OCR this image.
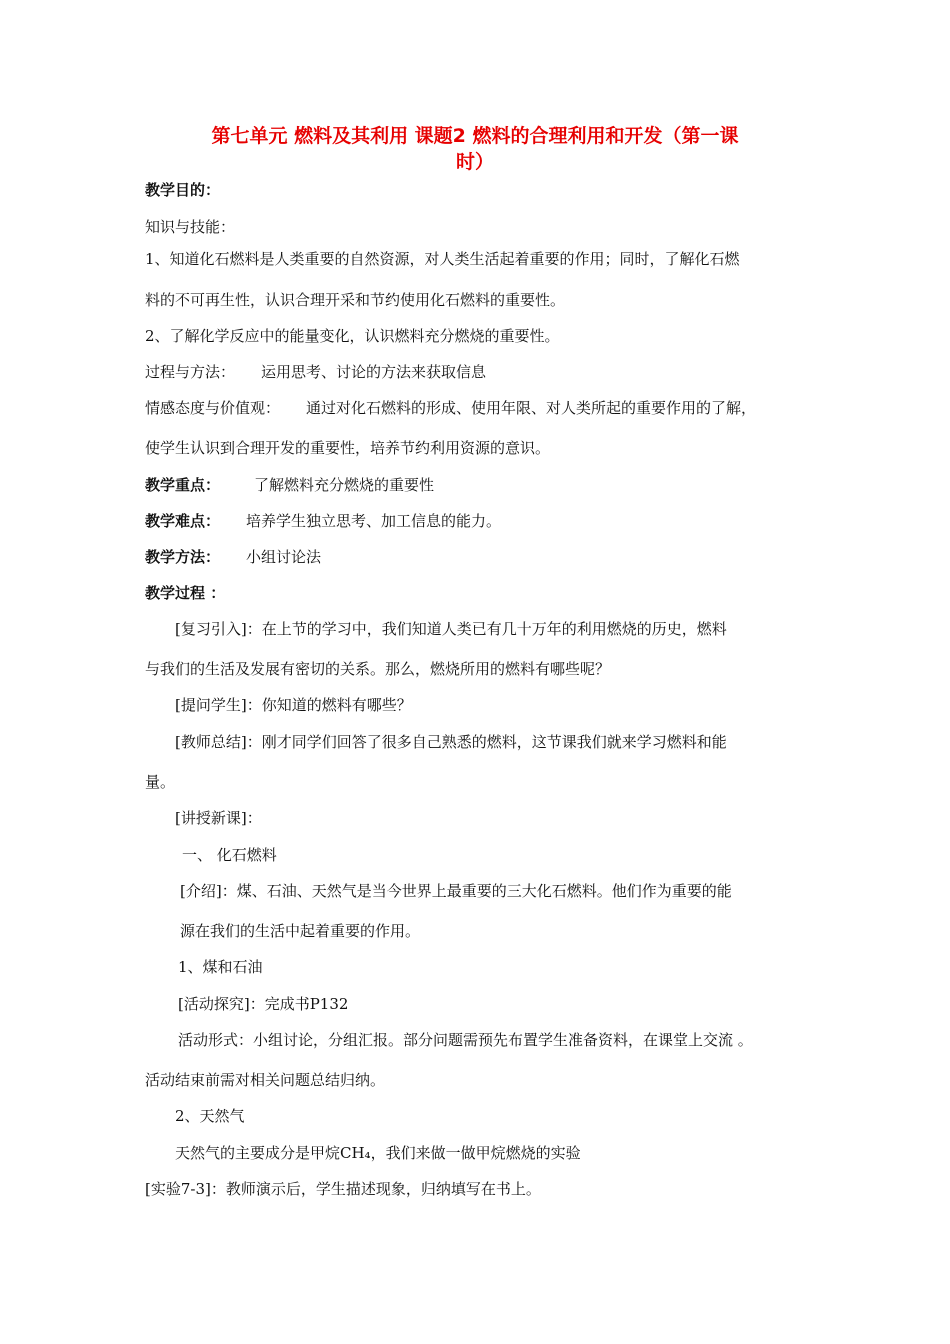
第七单元 燃料及其利用 课题2 燃料的合理利用和开发（第一课
时）
教学目的：
知识与技能：
1、知道化石燃料是人类重要的自然资源，对人类生活起着重要的作用；同时，了解化石燃
料的不可再生性，认识合理开采和节约使用化石燃料的重要性。
2、了解化学反应中的能量变化，认识燃料充分燃烧的重要性。
过程与方法： 运用思考、讨论的方法来获取信息
情感态度与价值观： 通过对化石燃料的形成、使用年限、对人类所起的重要作用的了解，
使学生认识到合理开发的重要性，培养节约利用资源的意识。
教学重点： 了解燃料充分燃烧的重要性
教学难点： 培养学生独立思考、加工信息的能力。
教学方法： 小组讨论法
教学过程 ：
[复习引入]：在上节的学习中，我们知道人类已有几十万年的利用燃烧的历史，燃料
与我们的生活及发展有密切的关系。那么，燃烧所用的燃料有哪些呢？
[提问学生]：你知道的燃料有哪些？
[教师总结]：刚才同学们回答了很多自己熟悉的燃料，这节课我们就来学习燃料和能
量。
[讲授新课]：
一、 化石燃料
[介绍]：煤、石油、天然气是当今世界上最重要的三大化石燃料。他们作为重要的能
源在我们的生活中起着重要的作用。
1、煤和石油
[活动探究]：完成书P132
活动形式：小组讨论，分组汇报。部分问题需预先布置学生准备资料，在课堂上交流 。
活动结束前需对相关问题总结归纳。
2、天然气
天然气的主要成分是甲烷CH₄，我们来做一做甲烷燃烧的实验
[实验7-3]：教师演示后，学生描述现象，归纳填写在书上。
